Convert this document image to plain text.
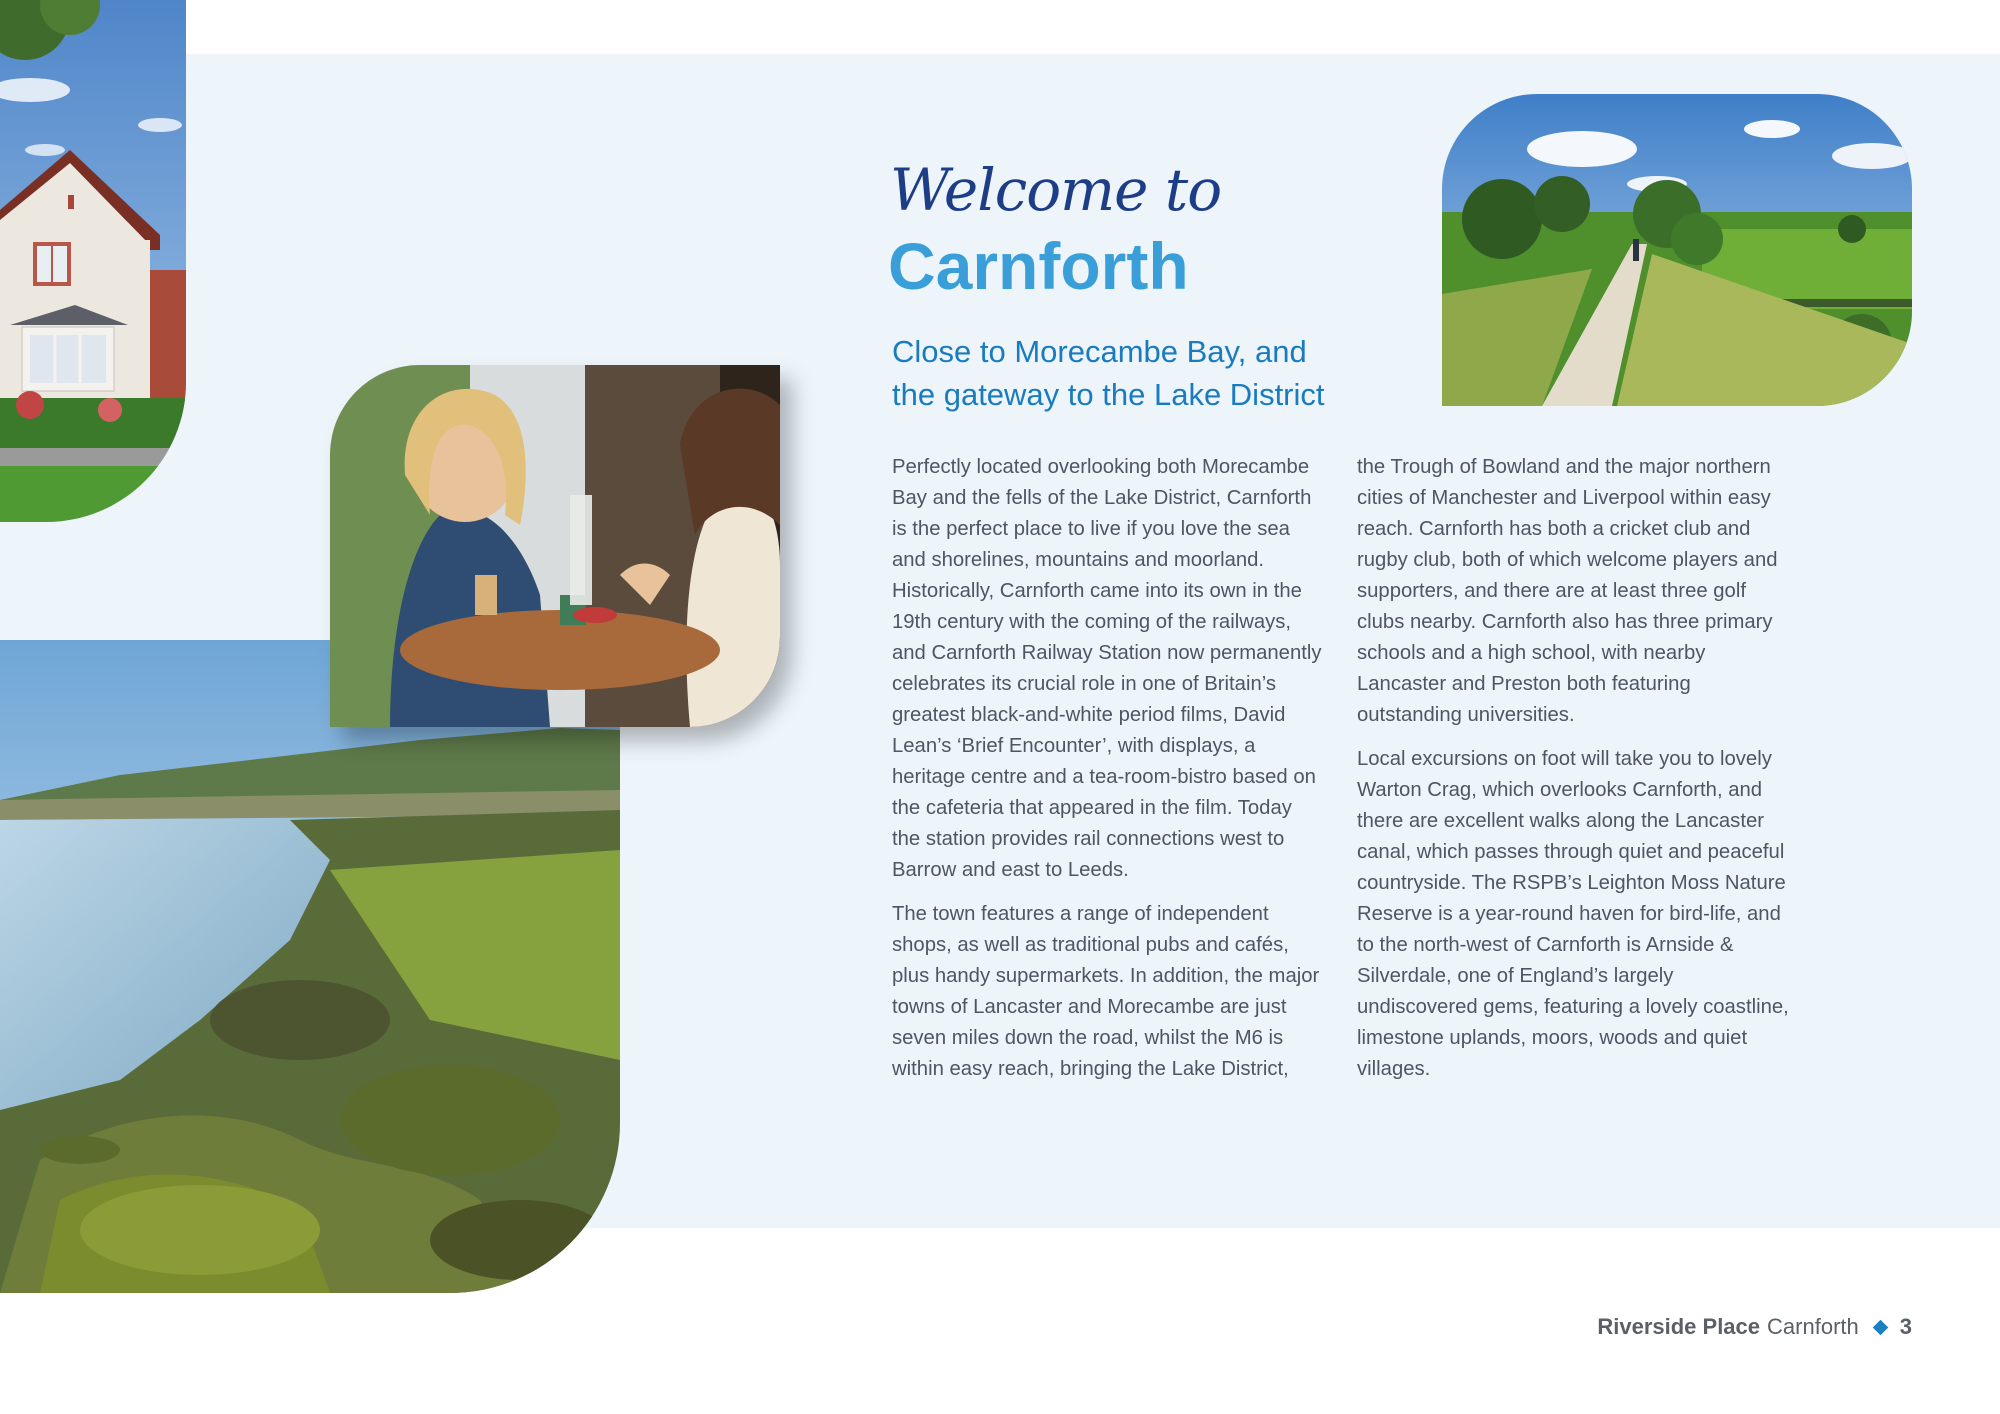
Welcome to
Carnforth
Close to Morecambe Bay, and the gateway to the Lake District

Perfectly located overlooking both Morecambe Bay and the fells of the Lake District, Carnforth is the perfect place to live if you love the sea and shorelines, mountains and moorland. Historically, Carnforth came into its own in the 19th century with the coming of the railways, and Carnforth Railway Station now permanently celebrates its crucial role in one of Britain’s greatest black-and-white period films, David Lean’s ‘Brief Encounter’, with displays, a heritage centre and a tea-room-bistro based on the cafeteria that appeared in the film. Today the station provides rail connections west to Barrow and east to Leeds.

The town features a range of independent shops, as well as traditional pubs and cafés, plus handy supermarkets. In addition, the major towns of Lancaster and Morecambe are just seven miles down the road, whilst the M6 is within easy reach, bringing the Lake District,

the Trough of Bowland and the major northern cities of Manchester and Liverpool within easy reach. Carnforth has both a cricket club and rugby club, both of which welcome players and supporters, and there are at least three golf clubs nearby. Carnforth also has three primary schools and a high school, with nearby Lancaster and Preston both featuring outstanding universities.

Local excursions on foot will take you to lovely Warton Crag, which overlooks Carnforth, and there are excellent walks along the Lancaster canal, which passes through quiet and peaceful countryside. The RSPB’s Leighton Moss Nature Reserve is a year-round haven for bird-life, and to the north-west of Carnforth is Arnside & Silverdale, one of England’s largely undiscovered gems, featuring a lovely coastline, limestone uplands, moors, woods and quiet villages.

Riverside Place Carnforth 3
